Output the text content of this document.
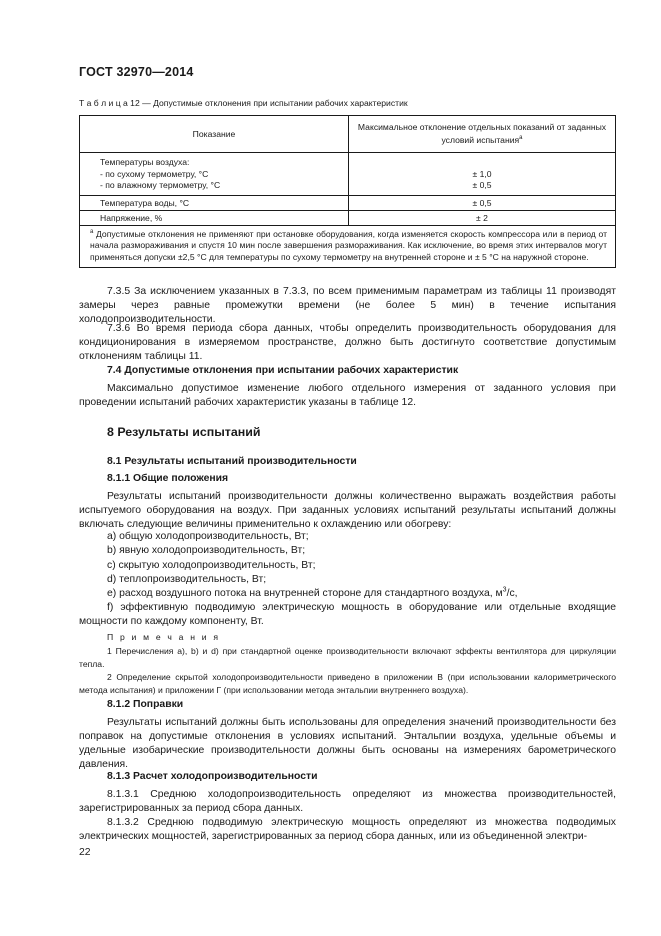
ГОСТ 32970—2014
Т а б л и ц а 12 — Допустимые отклонения при испытании рабочих характеристик
Показание
Максимальное отклонение отдельных показаний от заданных
условий испытания$^а$
Температуры воздуха:
- по сухому термометру, °С
- по влажному термометру, °С
± 1,0
± 0,5
Температура воды, °С	± 0,5
Напряжение, %	± 2
$^а$ Допустимые отклонения не применяют при остановке оборудования, когда изменяется скорость компрессора или в период от начала размораживания и спустя 10 мин после завершения размораживания. Как исключение, во время этих интервалов могут применяться допуски ±2,5 °С для температуры по сухому термометру на внутренней стороне и ± 5 °С на наружной стороне.

7.3.5 За исключением указанных в 7.3.3, по всем применимым параметрам из таблицы 11 производят замеры через равные промежутки времени (не более 5 мин) в течение испытания холодопроизводительности.

7.3.6 Во время периода сбора данных, чтобы определить производительность оборудования для кондиционирования в измеряемом пространстве, должно быть достигнуто соответствие допустимым отклонениям таблицы 11.

7.4 Допустимые отклонения при испытании рабочих характеристик

Максимально допустимое изменение любого отдельного измерения от заданного условия при проведении испытаний рабочих характеристик указаны в таблице 12.

8 Результаты испытаний

8.1 Результаты испытаний производительности

8.1.1 Общие положения

Результаты испытаний производительности должны количественно выражать воздействия работы испытуемого оборудования на воздух. При заданных условиях испытаний результаты испытаний должны включать следующие величины применительно к охлаждению или обогреву:

a) общую холодопроизводительность, Вт;

b) явную холодопроизводительность, Вт;

c) скрытую холодопроизводительность, Вт;

d) теплопроизводительность, Вт;

e) расход воздушного потока на внутренней стороне для стандартного воздуха, $м^3/с$,

f) эффективную подводимую электрическую мощность в оборудование или отдельные входящие мощности по каждому компоненту, Вт.

П р и м е ч а н и я

1 Перечисления а), b) и d) при стандартной оценке производительности включают эффекты вентилятора для циркуляции тепла.

2 Определение скрытой холодопроизводительности приведено в приложении В (при использовании калориметрического метода испытания) и приложении Г (при использовании метода энтальпии внутреннего воздуха).

8.1.2 Поправки

Результаты испытаний должны быть использованы для определения значений производительности без поправок на допустимые отклонения в условиях испытаний. Энтальпии воздуха, удельные объемы и удельные изобарические производительности должны быть основаны на измерениях барометрического давления.

8.1.3 Расчет холодопроизводительности

8.1.3.1 Среднюю холодопроизводительность определяют из множества производительностей, зарегистрированных за период сбора данных.

8.1.3.2 Среднюю подводимую электрическую мощность определяют из множества подводимых электрических мощностей, зарегистрированных за период сбора данных, или из объединенной электри-

22
